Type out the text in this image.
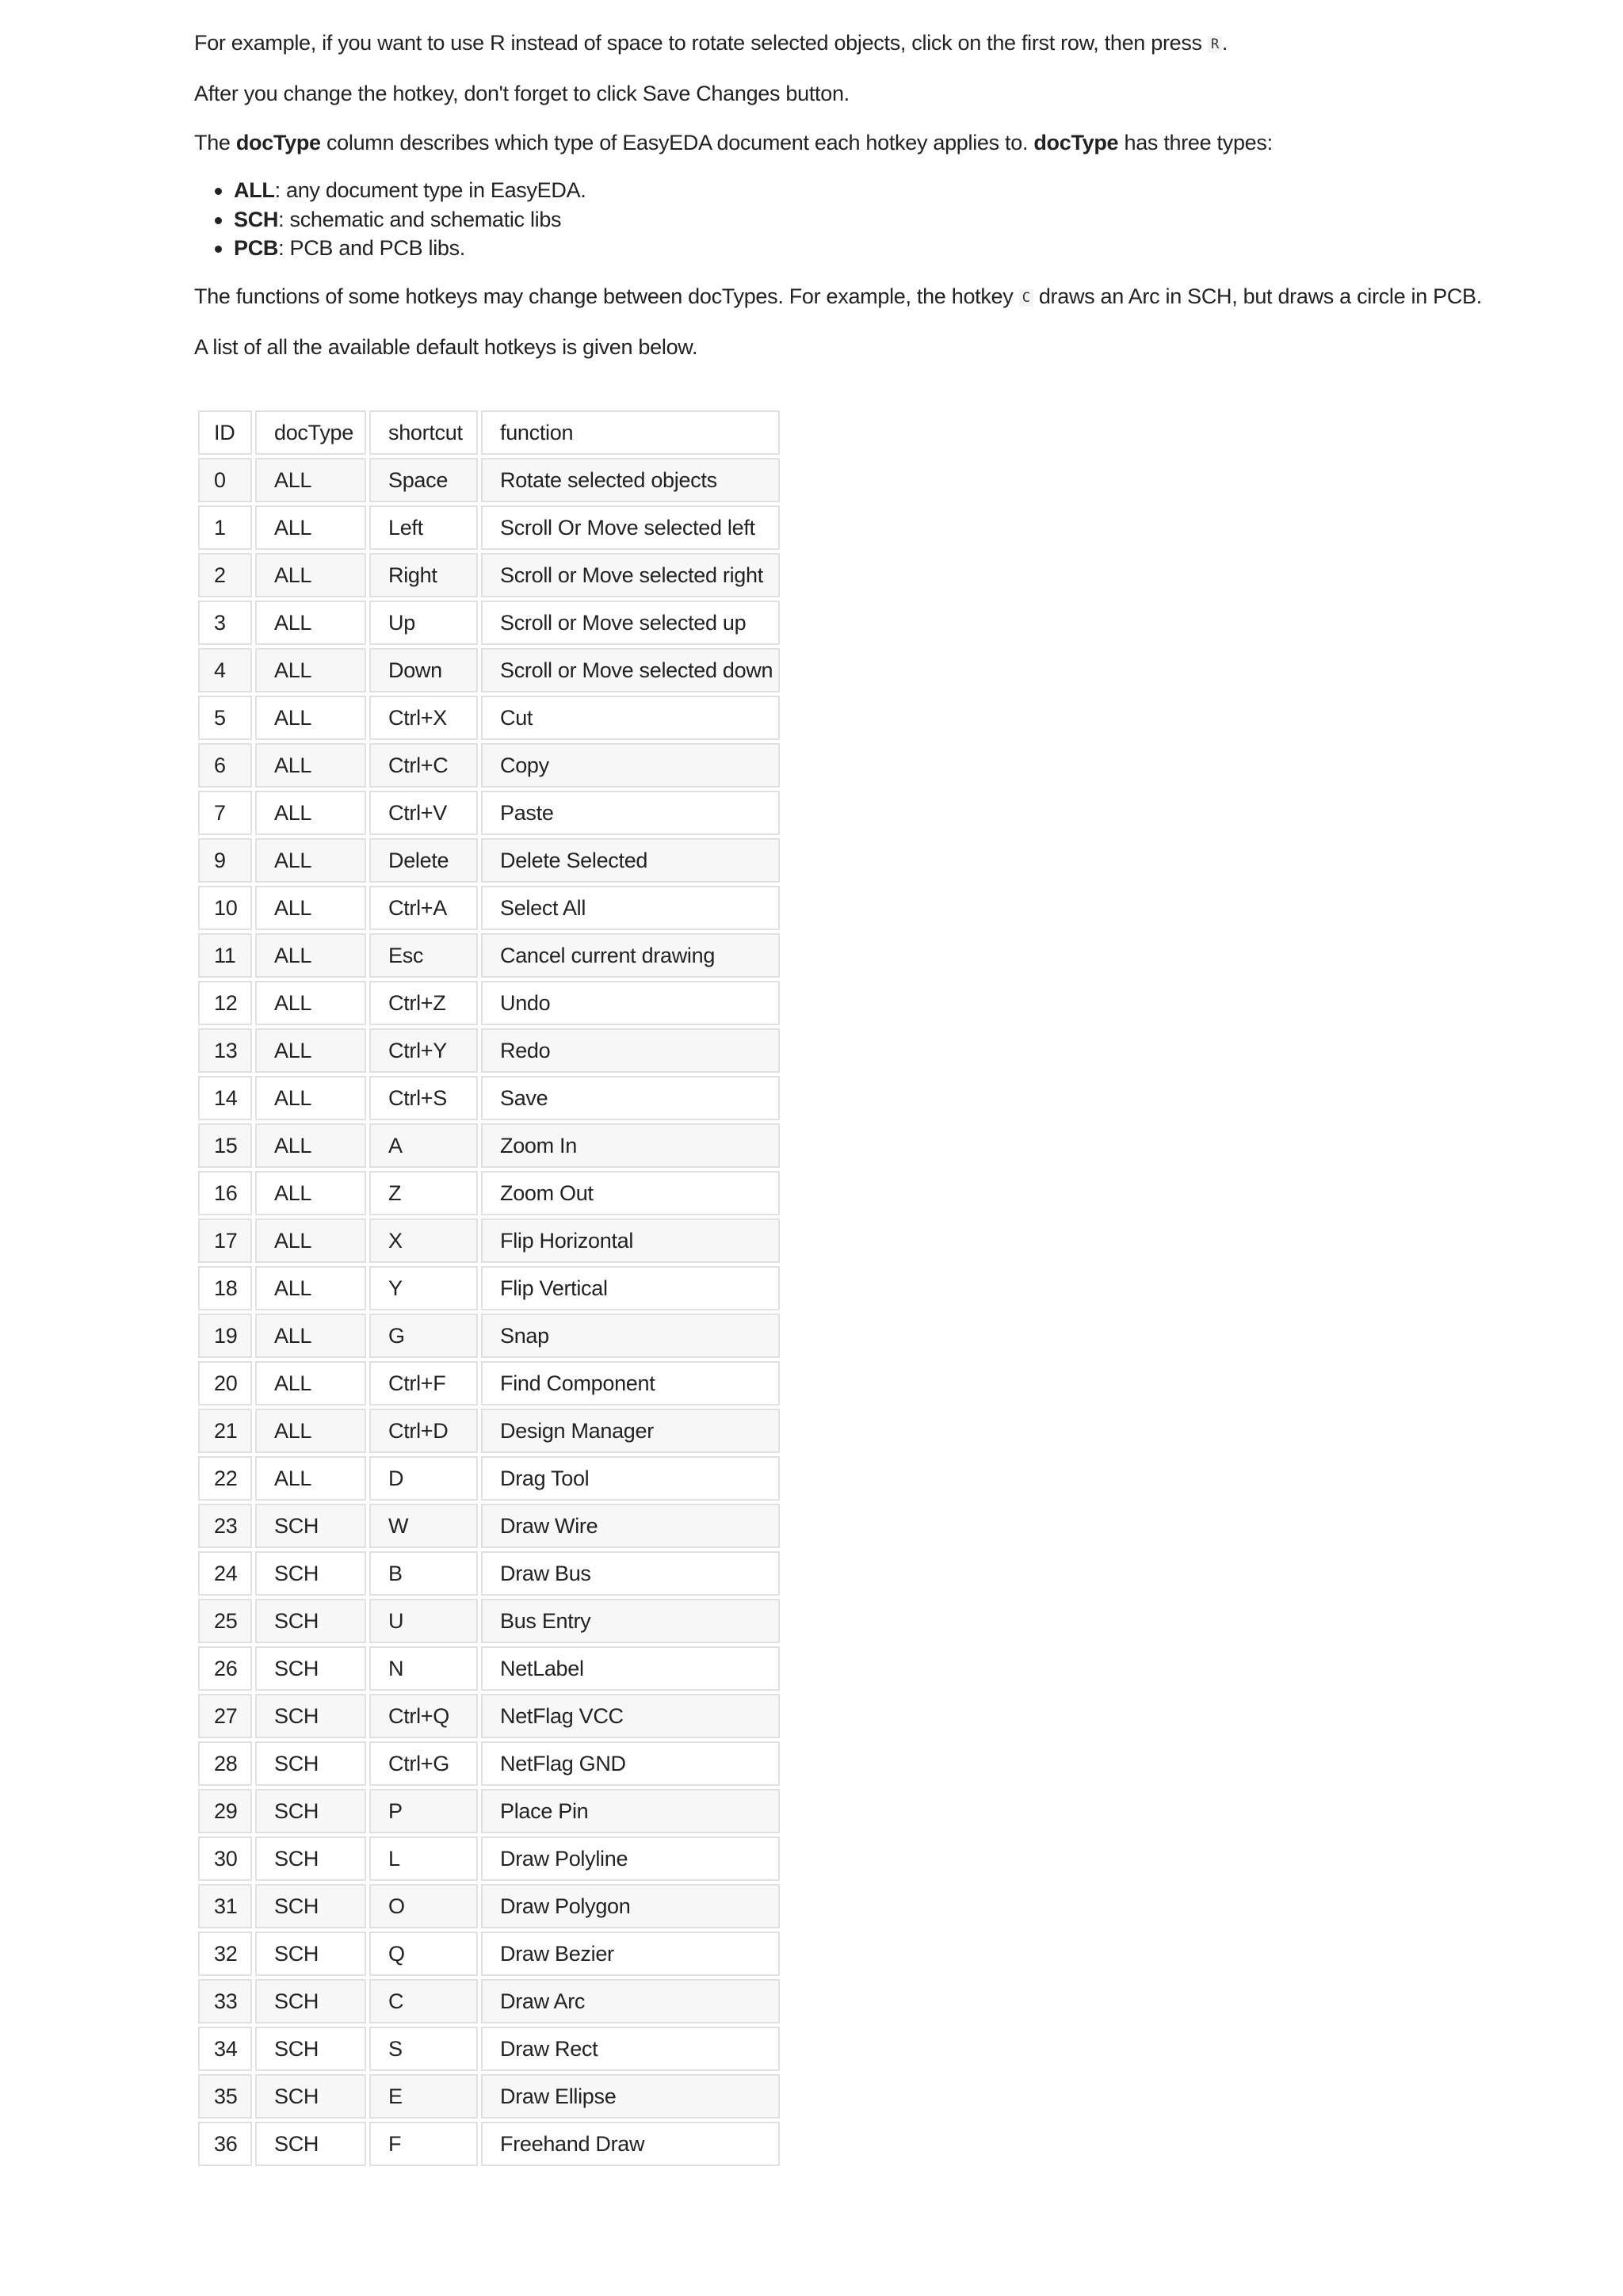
For example, if you want to use R instead of space to rotate selected objects, click on the first row, then press R .

After you change the hotkey, don't forget to click Save Changes button.

The docType column describes which type of EasyEDA document each hotkey applies to. docType has three types:

ALL: any document type in EasyEDA.
SCH: schematic and schematic libs
PCB: PCB and PCB libs.

The functions of some hotkeys may change between docTypes. For example, the hotkey C draws an Arc in SCH, but draws a circle in PCB.

A list of all the available default hotkeys is given below.

ID	docType	shortcut	function
0	ALL	Space	Rotate selected objects
1	ALL	Left	Scroll Or Move selected left
2	ALL	Right	Scroll or Move selected right
3	ALL	Up	Scroll or Move selected up
4	ALL	Down	Scroll or Move selected down
5	ALL	Ctrl+X	Cut
6	ALL	Ctrl+C	Copy
7	ALL	Ctrl+V	Paste
9	ALL	Delete	Delete Selected
10	ALL	Ctrl+A	Select All
11	ALL	Esc	Cancel current drawing
12	ALL	Ctrl+Z	Undo
13	ALL	Ctrl+Y	Redo
14	ALL	Ctrl+S	Save
15	ALL	A	Zoom In
16	ALL	Z	Zoom Out
17	ALL	X	Flip Horizontal
18	ALL	Y	Flip Vertical
19	ALL	G	Snap
20	ALL	Ctrl+F	Find Component
21	ALL	Ctrl+D	Design Manager
22	ALL	D	Drag Tool
23	SCH	W	Draw Wire
24	SCH	B	Draw Bus
25	SCH	U	Bus Entry
26	SCH	N	NetLabel
27	SCH	Ctrl+Q	NetFlag VCC
28	SCH	Ctrl+G	NetFlag GND
29	SCH	P	Place Pin
30	SCH	L	Draw Polyline
31	SCH	O	Draw Polygon
32	SCH	Q	Draw Bezier
33	SCH	C	Draw Arc
34	SCH	S	Draw Rect
35	SCH	E	Draw Ellipse
36	SCH	F	Freehand Draw
